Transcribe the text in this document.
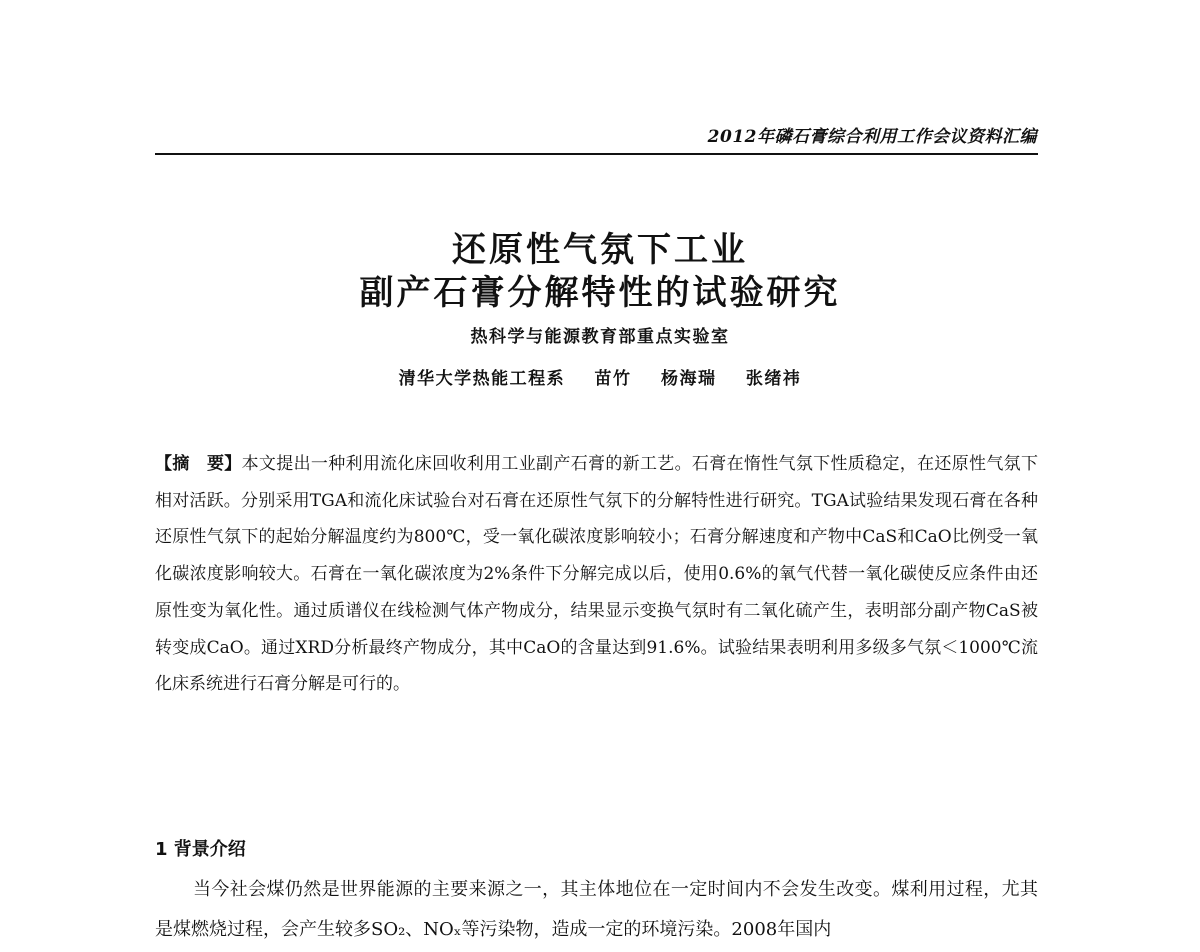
2012年磷石膏综合利用工作会议资料汇编
还原性气氛下工业
副产石膏分解特性的试验研究
热科学与能源教育部重点实验室
清华大学热能工程系 苗竹 杨海瑞 张绪祎
【摘　要】本文提出一种利用流化床回收利用工业副产石膏的新工艺。石膏在惰性气氛下性质稳定，在还原性气氛下相对活跃。分别采用TGA和流化床试验台对石膏在还原性气氛下的分解特性进行研究。TGA试验结果发现石膏在各种还原性气氛下的起始分解温度约为800℃，受一氧化碳浓度影响较小；石膏分解速度和产物中CaS和CaO比例受一氧化碳浓度影响较大。石膏在一氧化碳浓度为2%条件下分解完成以后，使用0.6%的氧气代替一氧化碳使反应条件由还原性变为氧化性。通过质谱仪在线检测气体产物成分，结果显示变换气氛时有二氧化硫产生，表明部分副产物CaS被转变成CaO。通过XRD分析最终产物成分，其中CaO的含量达到91.6%。试验结果表明利用多级多气氛＜1000℃流化床系统进行石膏分解是可行的。
1 背景介绍
当今社会煤仍然是世界能源的主要来源之一，其主体地位在一定时间内不会发生改变。煤利用过程，尤其是煤燃烧过程，会产生较多SO₂、NOₓ等污染物，造成一定的环境污染。2008年国内
